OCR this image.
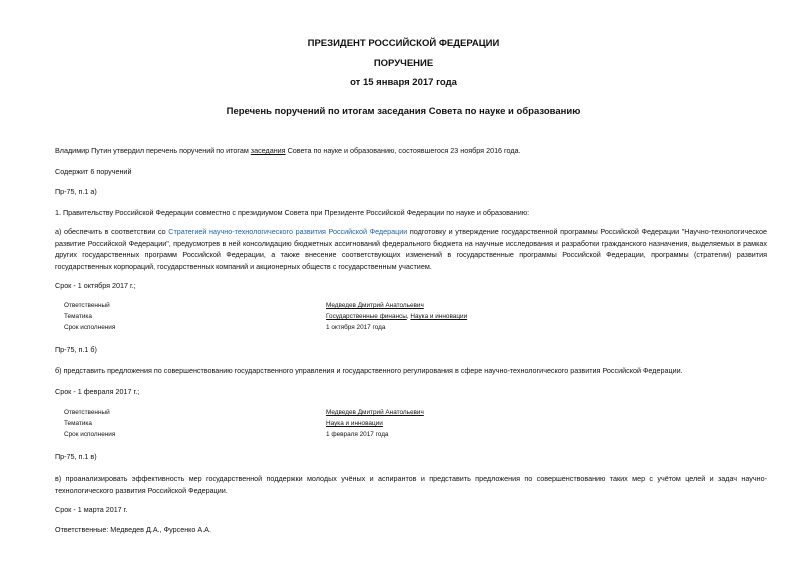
ПРЕЗИДЕНТ РОССИЙСКОЙ ФЕДЕРАЦИИ
ПОРУЧЕНИЕ
от 15 января 2017 года
Перечень поручений по итогам заседания Совета по науке и образованию
Владимир Путин утвердил перечень поручений по итогам заседания Совета по науке и образованию, состоявшегося 23 ноября 2016 года.
Содержит 6 поручений
Пр-75, п.1 а)
1. Правительству Российской Федерации совместно с президиумом Совета при Президенте Российской Федерации по науке и образованию:
а) обеспечить в соответствии со Стратегией научно-технологического развития Российской Федерации подготовку и утверждение государственной программы Российской Федерации "Научно-технологическое развитие Российской Федерации", предусмотрев в ней консолидацию бюджетных ассигнований федерального бюджета на научные исследования и разработки гражданского назначения, выделяемых в рамках других государственных программ Российской Федерации, а также внесение соответствующих изменений в государственные программы Российской Федерации, программы (стратегии) развития государственных корпораций, государственных компаний и акционерных обществ с государственным участием.
Срок - 1 октября 2017 г.;
Ответственный	Медведев Дмитрий Анатольевич
Тематика	Государственные финансы, Наука и инновации
Срок исполнения	1 октября 2017 года
Пр-75, п.1 б)
б) представить предложения по совершенствованию государственного управления и государственного регулирования в сфере научно-технологического развития Российской Федерации.
Срок - 1 февраля 2017 г.;
Ответственный	Медведев Дмитрий Анатольевич
Тематика	Наука и инновации
Срок исполнения	1 февраля 2017 года
Пр-75, п.1 в)
в) проанализировать эффективность мер государственной поддержки молодых учёных и аспирантов и представить предложения по совершенствованию таких мер с учётом целей и задач научно-технологического развития Российской Федерации.
Срок - 1 марта 2017 г.
Ответственные: Медведев Д.А., Фурсенко А.А.
